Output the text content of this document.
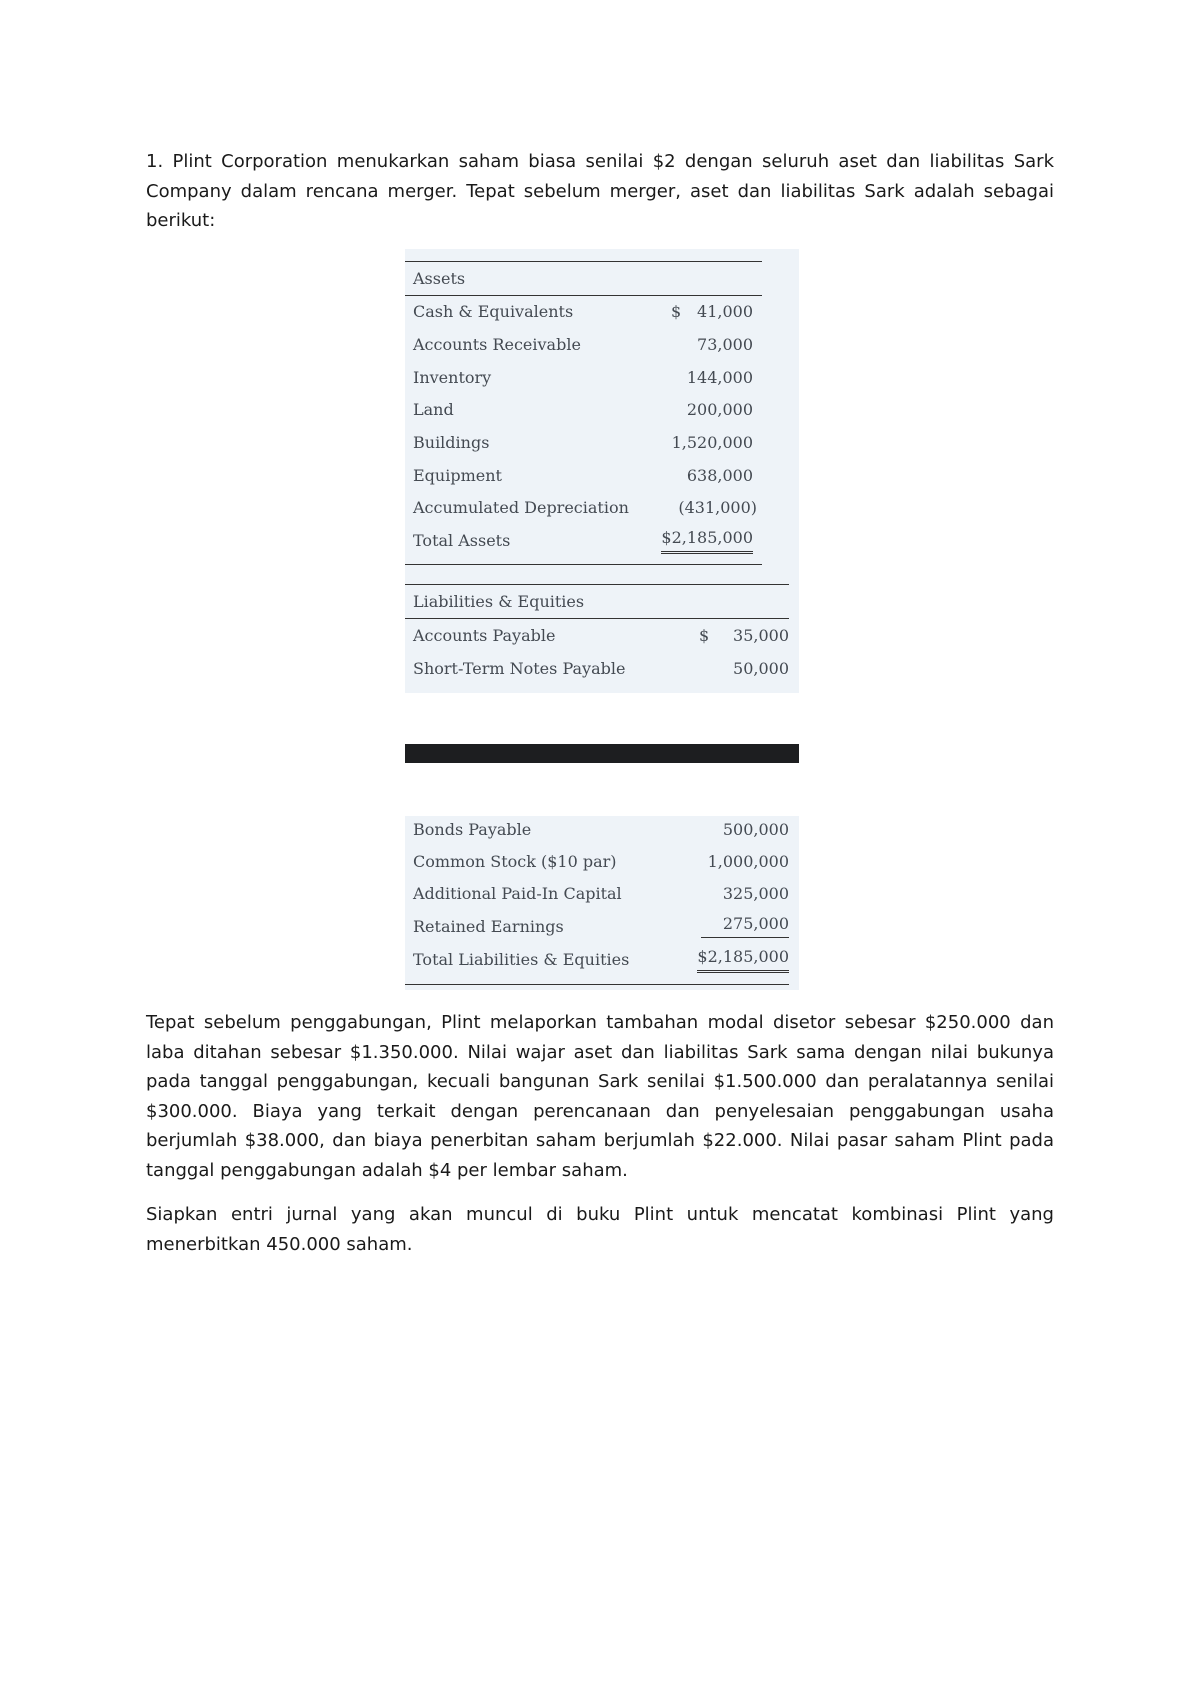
1. Plint Corporation menukarkan saham biasa senilai $2 dengan seluruh aset dan liabilitas Sark Company dalam rencana merger. Tepat sebelum merger, aset dan liabilitas Sark adalah sebagai berikut:

Assets
Cash & Equivalents	$ 41,000
Accounts Receivable	73,000
Inventory	144,000
Land	200,000
Buildings	1,520,000
Equipment	638,000
Accumulated Depreciation	(431,000)
Total Assets	$2,185,000
Liabilities & Equities
Accounts Payable	$ 35,000
Short-Term Notes Payable	50,000
Bonds Payable	500,000
Common Stock ($10 par)	1,000,000
Additional Paid-In Capital	325,000
Retained Earnings	275,000
Total Liabilities & Equities	$2,185,000

Tepat sebelum penggabungan, Plint melaporkan tambahan modal disetor sebesar $250.000 dan laba ditahan sebesar $1.350.000. Nilai wajar aset dan liabilitas Sark sama dengan nilai bukunya pada tanggal penggabungan, kecuali bangunan Sark senilai $1.500.000 dan peralatannya senilai $300.000. Biaya yang terkait dengan perencanaan dan penyelesaian penggabungan usaha berjumlah $38.000, dan biaya penerbitan saham berjumlah $22.000. Nilai pasar saham Plint pada tanggal penggabungan adalah $4 per lembar saham.

Siapkan entri jurnal yang akan muncul di buku Plint untuk mencatat kombinasi Plint yang menerbitkan 450.000 saham.
